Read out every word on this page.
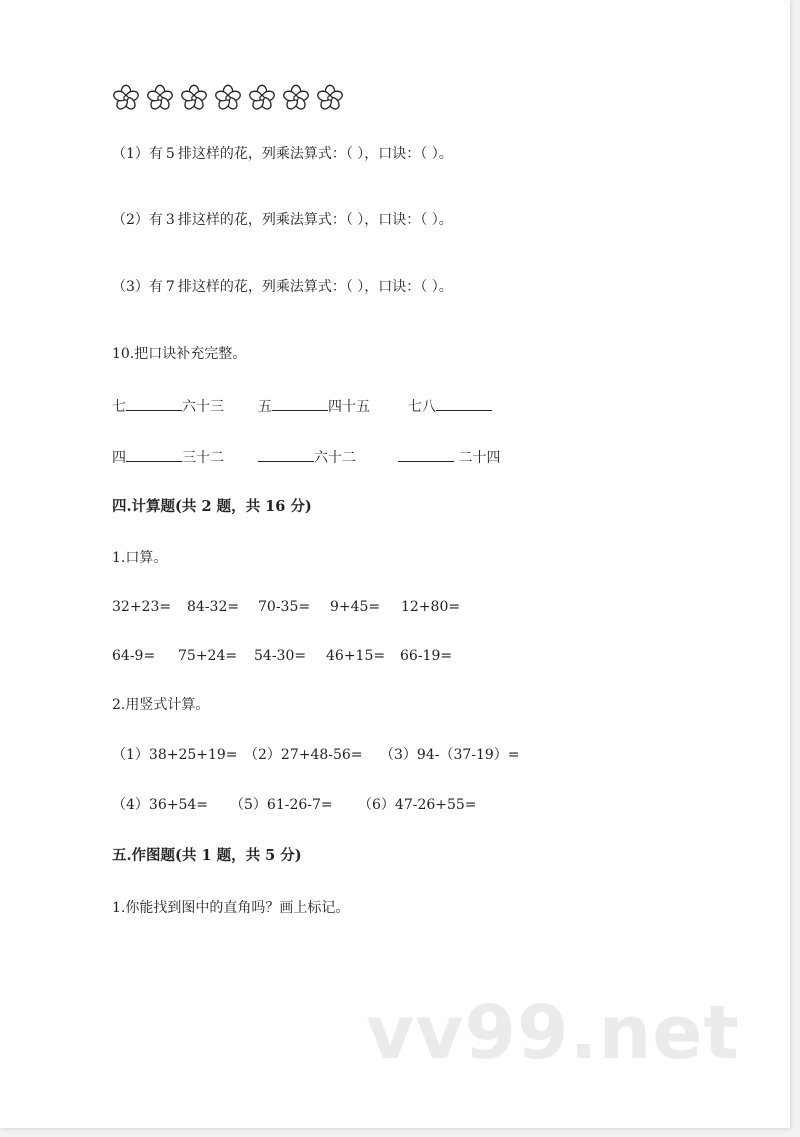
（1）有 5 排这样的花，列乘法算式：（ ），口诀：（ ）。
（2）有 3 排这样的花，列乘法算式：（ ），口诀：（ ）。
（3）有 7 排这样的花，列乘法算式：（ ），口诀：（ ）。
10.把口诀补充完整。
七	六十三 五	四十五	七八
四	三十二	六十二	二十四
四.计算题(共 2 题，共 16 分)
1.口算。
32+23= 84-32= 70-35= 9+45= 12+80=
64-9= 75+24= 54-30= 46+15= 66-19=
2.用竖式计算。
（1）38+25+19= （2）27+48-56= （3）94-（37-19）=
（4）36+54= （5）61-26-7= （6）47-26+55=
五.作图题(共 1 题，共 5 分)
1.你能找到图中的直角吗？画上标记。
vv99.net
